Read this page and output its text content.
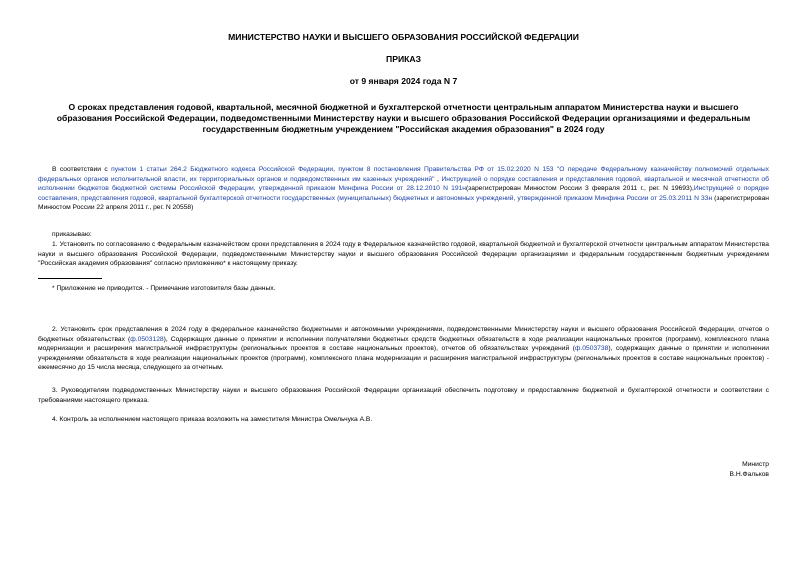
МИНИСТЕРСТВО НАУКИ И ВЫСШЕГО ОБРАЗОВАНИЯ РОССИЙСКОЙ ФЕДЕРАЦИИ

ПРИКАЗ

от 9 января 2024 года N 7

О сроках представления годовой, квартальной, месячной бюджетной и бухгалтерской отчетности центральным аппаратом Министерства науки и высшего образования Российской Федерации, подведомственными Министерству науки и высшего образования Российской Федерации организациями и федеральным государственным бюджетным учреждением "Российская академия образования" в 2024 году

В соответствии с пунктом 1 статьи 264.2 Бюджетного кодекса Российской Федерации, пунктом 8 постановления Правительства РФ от 15.02.2020 N 153 "О передаче Федеральному казначейству полномочий отдельных федеральных органов исполнительной власти, их территориальных органов и подведомственных им казенных учреждений" , Инструкцией о порядке составления и представления годовой, квартальной и месячной отчетности об исполнении бюджетов бюджетной системы Российской Федерации, утвержденной приказом Минфина России от 28.12.2010 N 191н(зарегистрирован Минюстом России 3 февраля 2011 г., рег. N 19693),Инструкцией о порядке составления, представления годовой, квартальной бухгалтерской отчетности государственных (муниципальных) бюджетных и автономных учреждений, утвержденной приказом Минфина России от 25.03.2011 N 33н (зарегистрирован Минюстом России 22 апреля 2011 г., рег. N 20558)

приказываю:

1. Установить по согласованию с Федеральным казначейством сроки представления в 2024 году в Федеральное казначейство годовой, квартальной бюджетной и бухгалтерской отчетности центральным аппаратом Министерства науки и высшего образования Российской Федерации, подведомственными Министерству науки и высшего образования Российской Федерации организациями и федеральным государственным бюджетным учреждением "Российская академия образования" согласно приложению* к настоящему приказу.

* Приложение не приводится. - Примечание изготовителя базы данных.

2. Установить срок представления в 2024 году в федеральное казначейство бюджетными и автономными учреждениями, подведомственными Министерству науки и высшего образования Российской Федерации, отчетов о бюджетных обязательствах (ф.0503128), Содержащих данные о принятии и исполнении получателями бюджетных средств бюджетных обязательств в ходе реализации национальных проектов (программ), комплексного плана модернизации и расширения магистральной инфраструктуры (региональных проектов в составе национальных проектов), отчетов об обязательствах учреждений (ф.0503738), содержащих данные о принятии и исполнении учреждениями обязательств в ходе реализации национальных проектов (программ), комплексного плана модернизации и расширения магистральной инфраструктуры (региональных проектов в составе национальных проектов) - ежемесячно до 15 числа месяца, следующего за отчетным.

3. Руководителям подведомственных Министерству науки и высшего образования Российской Федерации организаций обеспечить подготовку и предоставление бюджетной и бухгалтерской отчетности и соответствии с требованиями настоящего приказа.

4. Контроль за исполнением настоящего приказа возложить на заместителя Министра Омельчука А.В.

Министр

В.Н.Фальков
